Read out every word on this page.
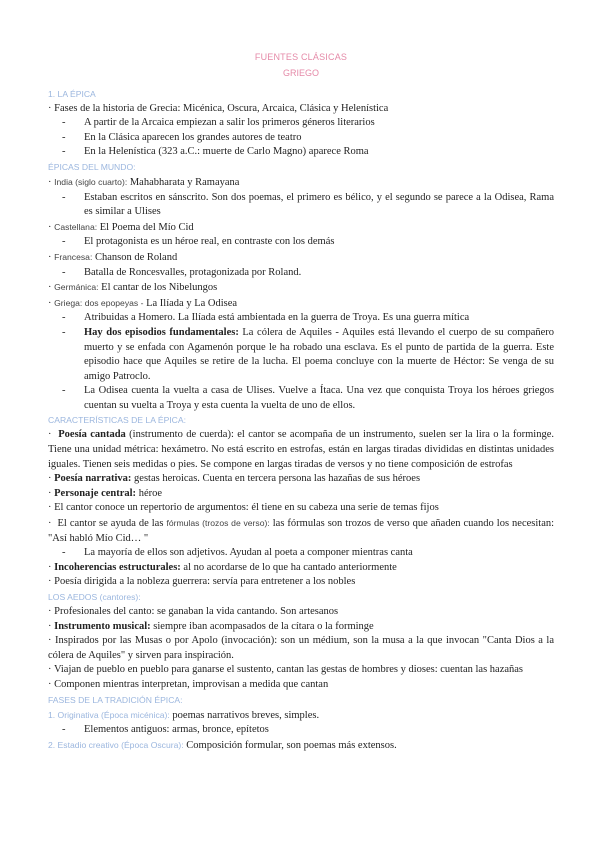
FUENTES CLÁSICAS
GRIEGO
1. LA ÉPICA
· Fases de la historia de Grecia: Micénica, Oscura, Arcaica, Clásica y Helenística
- A partir de la Arcaica empiezan a salir los primeros géneros literarios
- En la Clásica aparecen los grandes autores de teatro
- En la Helenística (323 a.C.: muerte de Carlo Magno) aparece Roma
ÉPICAS DEL MUNDO:
· India (siglo cuarto): Mahabharata y Ramayana
- Estaban escritos en sánscrito. Son dos poemas, el primero es bélico, y el segundo se parece a la Odisea, Rama es similar a Ulises
· Castellana: El Poema del Mío Cid
- El protagonista es un héroe real, en contraste con los demás
· Francesa: Chanson de Roland
- Batalla de Roncesvalles, protagonizada por Roland.
· Germánica: El cantar de los Nibelungos
· Griega: dos epopeyas - La Ilíada y La Odisea
- Atribuidas a Homero. La Ilíada está ambientada en la guerra de Troya. Es una guerra mítica
- Hay dos episodios fundamentales: La cólera de Aquiles - Aquiles está llevando el cuerpo de su compañero muerto y se enfada con Agamenón porque le ha robado una esclava. Es el punto de partida de la guerra. Este episodio hace que Aquiles se retire de la lucha. El poema concluye con la muerte de Héctor: Se venga de su amigo Patroclo.
- La Odisea cuenta la vuelta a casa de Ulises. Vuelve a Ítaca. Una vez que conquista Troya los héroes griegos cuentan su vuelta a Troya y esta cuenta la vuelta de uno de ellos.
CARACTERÍSTICAS DE LA ÉPICA:
· Poesía cantada (instrumento de cuerda): el cantor se acompaña de un instrumento, suelen ser la lira o la forminge. Tiene una unidad métrica: hexámetro. No está escrito en estrofas, están en largas tiradas divididas en distintas unidades iguales. Tienen seis medidas o pies. Se compone en largas tiradas de versos y no tiene composición de estrofas
· Poesía narrativa: gestas heroicas. Cuenta en tercera persona las hazañas de sus héroes
· Personaje central: héroe
· El cantor conoce un repertorio de argumentos: él tiene en su cabeza una serie de temas fijos
· El cantor se ayuda de las fórmulas (trozos de verso): las fórmulas son trozos de verso que añaden cuando los necesitan: "Así habló Mío Cid… "
- La mayoría de ellos son adjetivos. Ayudan al poeta a componer mientras canta
· Incoherencias estructurales: al no acordarse de lo que ha cantado anteriormente
· Poesía dirigida a la nobleza guerrera: servía para entretener a los nobles
LOS AEDOS (cantores):
· Profesionales del canto: se ganaban la vida cantando. Son artesanos
· Instrumento musical: siempre iban acompasados de la cítara o la forminge
· Inspirados por las Musas o por Apolo (invocación): son un médium, son la musa a la que invocan "Canta Dios a la cólera de Aquiles" y sirven para inspiración.
· Viajan de pueblo en pueblo para ganarse el sustento, cantan las gestas de hombres y dioses: cuentan las hazañas
· Componen mientras interpretan, improvisan a medida que cantan
FASES DE LA TRADICIÓN ÉPICA:
1. Originativa (Época micénica): poemas narrativos breves, simples.
- Elementos antiguos: armas, bronce, epítetos
2. Estadio creativo (Época Oscura): Composición formular, son poemas más extensos.
